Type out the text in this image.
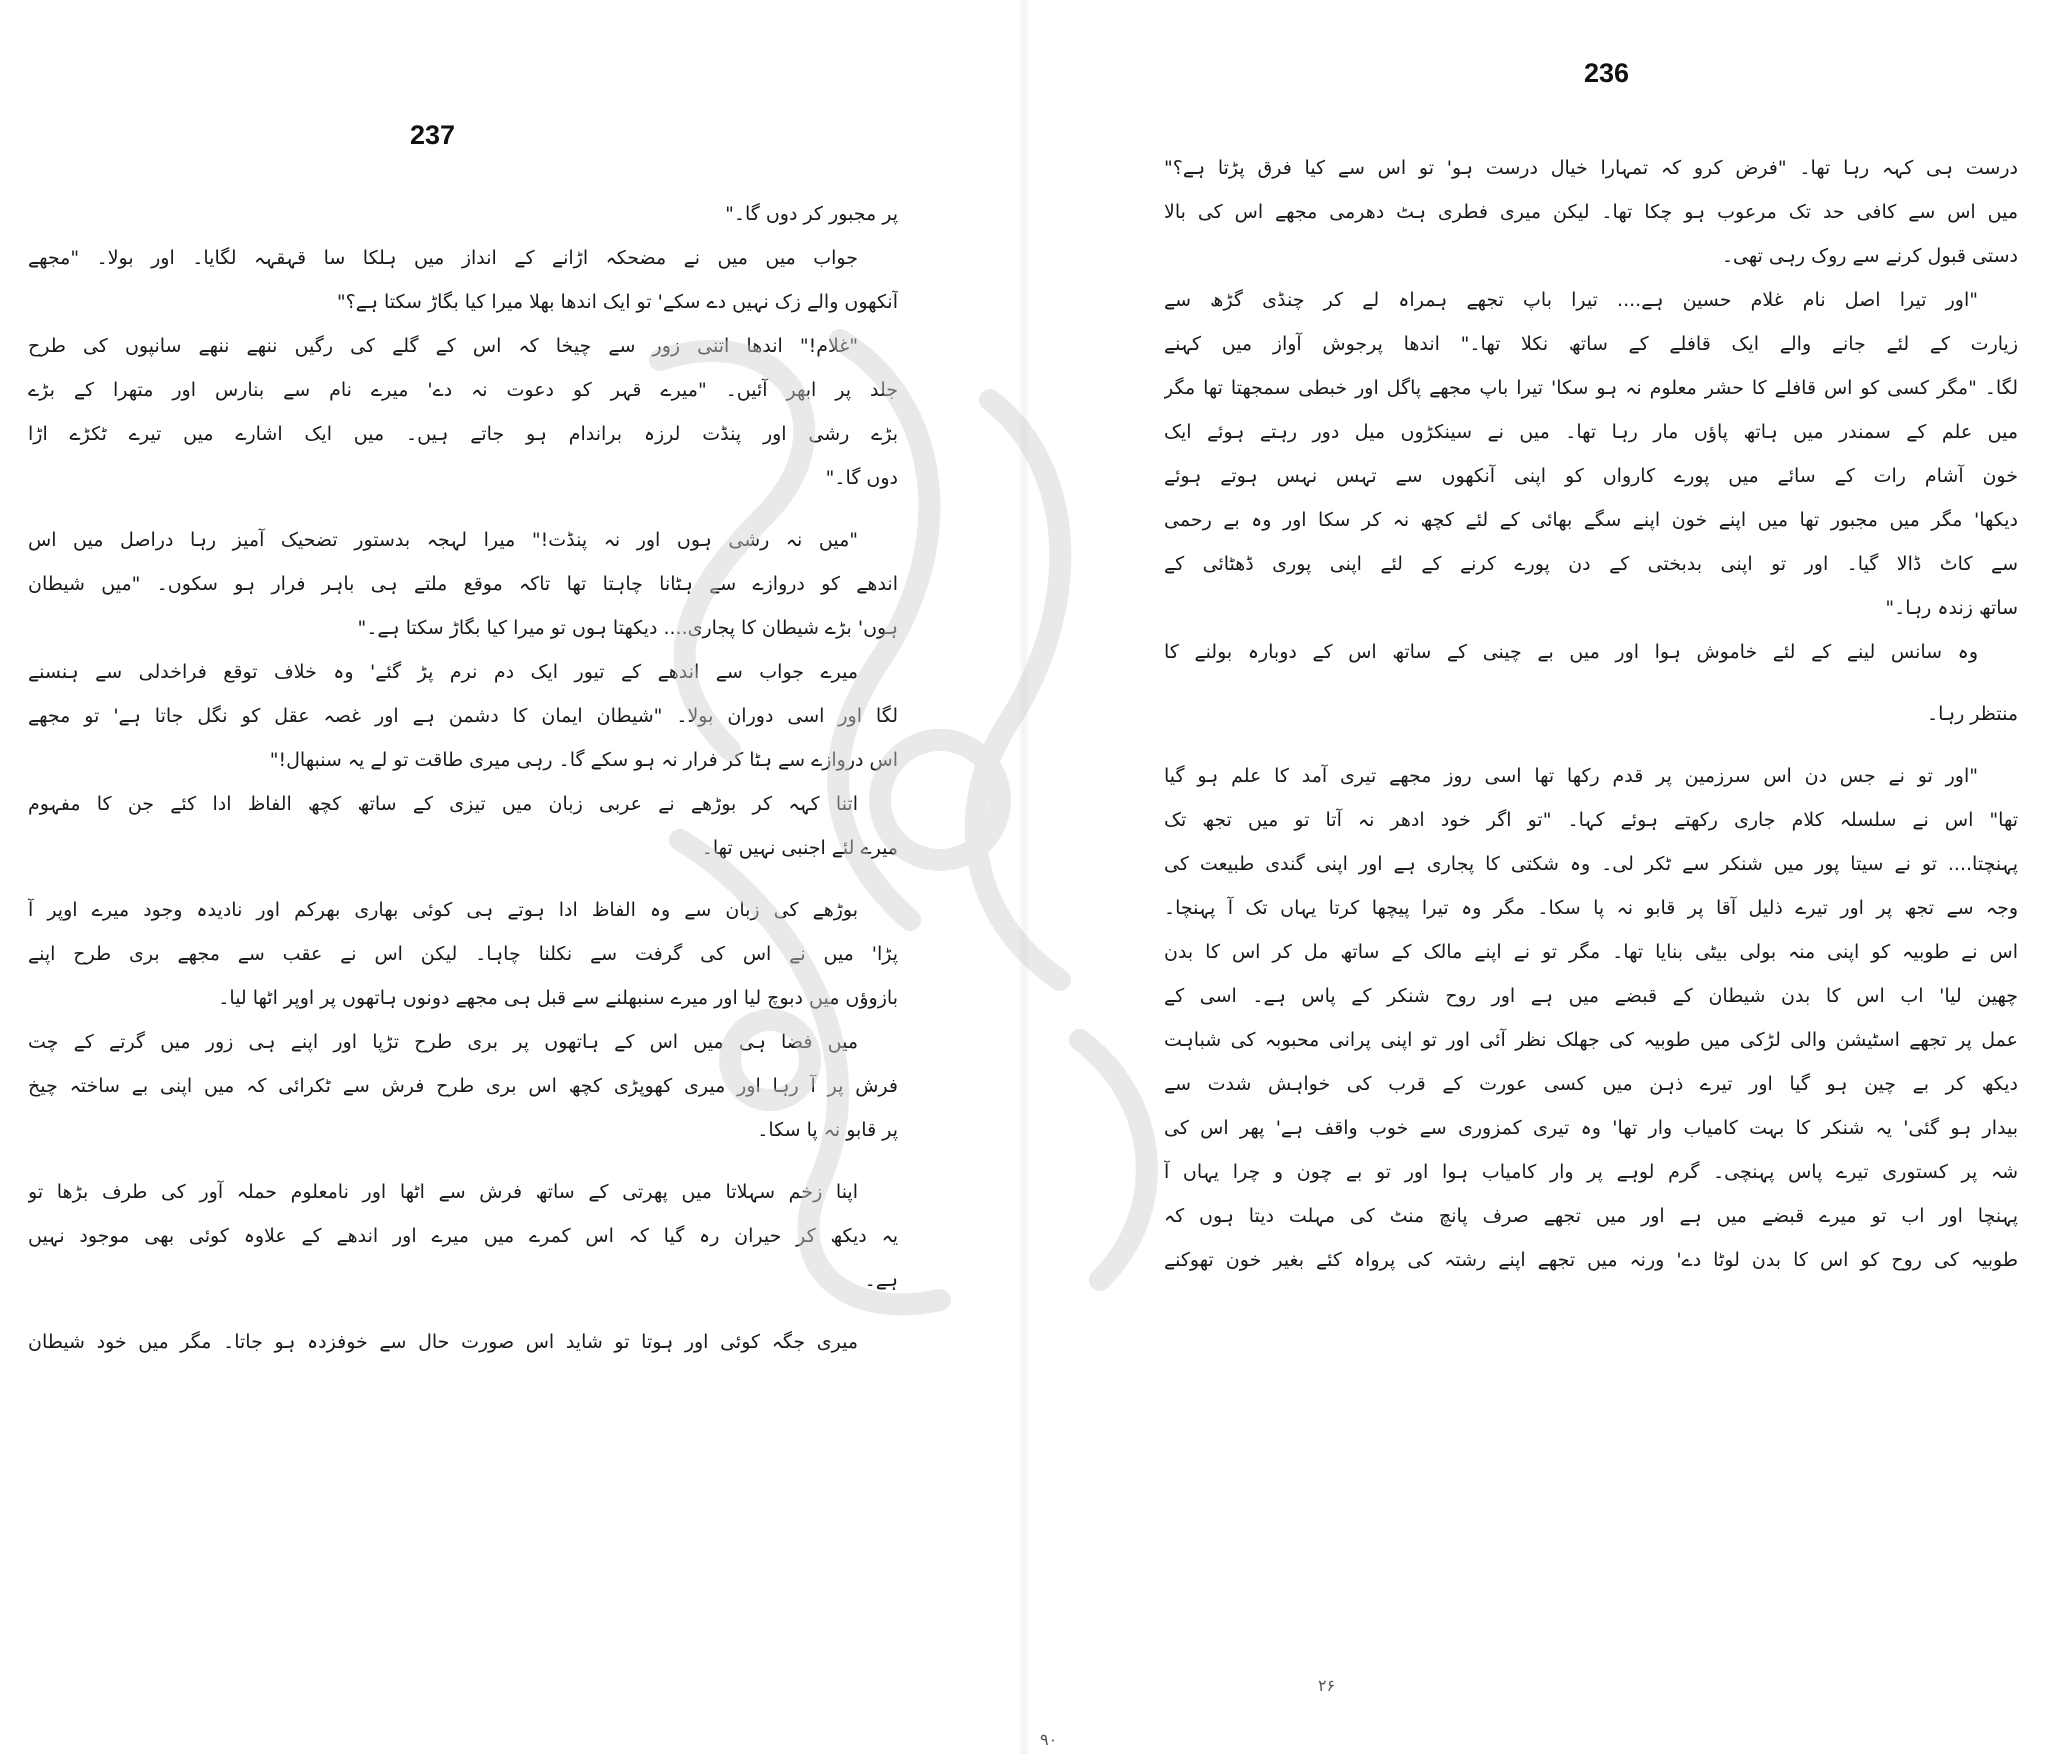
237
پر مجبور کر دوں گا۔"
جواب میں میں نے مضحکہ اڑانے کے انداز میں ہلکا سا قہقہہ لگایا۔ اور بولا۔ "مجھے
آنکھوں والے زک نہیں دے سکے' تو ایک اندھا بھلا میرا کیا بگاڑ سکتا ہے؟"
"غلام!" اندھا اتنی زور سے چیخا کہ اس کے گلے کی رگیں ننھے ننھے سانپوں کی طرح
جلد پر ابھر آئیں۔ "میرے قہر کو دعوت نہ دے' میرے نام سے بنارس اور متھرا کے بڑے
بڑے رشی اور پنڈت لرزہ براندام ہو جاتے ہیں۔ میں ایک اشارے میں تیرے ٹکڑے اڑا
دوں گا۔"
"میں نہ رشی ہوں اور نہ پنڈت!" میرا لہجہ بدستور تضحیک آمیز رہا دراصل میں اس
اندھے کو دروازے سے ہٹانا چاہتا تھا تاکہ موقع ملتے ہی باہر فرار ہو سکوں۔ "میں شیطان
ہوں' بڑے شیطان کا پجاری.... دیکھتا ہوں تو میرا کیا بگاڑ سکتا ہے۔"
میرے جواب سے اندھے کے تیور ایک دم نرم پڑ گئے' وہ خلاف توقع فراخدلی سے ہنسنے
لگا اور اسی دوران بولا۔ "شیطان ایمان کا دشمن ہے اور غصہ عقل کو نگل جاتا ہے' تو مجھے
اس دروازے سے ہٹا کر فرار نہ ہو سکے گا۔ رہی میری طاقت تو لے یہ سنبھال!"
اتنا کہہ کر بوڑھے نے عربی زبان میں تیزی کے ساتھ کچھ الفاظ ادا کئے جن کا مفہوم
میرے لئے اجنبی نہیں تھا۔
بوڑھے کی زبان سے وہ الفاظ ادا ہوتے ہی کوئی بھاری بھرکم اور نادیدہ وجود میرے اوپر آ
پڑا' میں نے اس کی گرفت سے نکلنا چاہا۔ لیکن اس نے عقب سے مجھے بری طرح اپنے
بازوؤں میں دبوچ لیا اور میرے سنبھلنے سے قبل ہی مجھے دونوں ہاتھوں پر اوپر اٹھا لیا۔
میں فضا ہی میں اس کے ہاتھوں پر بری طرح تڑپا اور اپنے ہی زور میں گرتے کے چت
فرش پر آ رہا اور میری کھوپڑی کچھ اس بری طرح فرش سے ٹکرائی کہ میں اپنی بے ساختہ چیخ
پر قابو نہ پا سکا۔
اپنا زخم سہلاتا میں پھرتی کے ساتھ فرش سے اٹھا اور نامعلوم حملہ آور کی طرف بڑھا تو
یہ دیکھ کر حیران رہ گیا کہ اس کمرے میں میرے اور اندھے کے علاوہ کوئی بھی موجود نہیں
ہے۔
میری جگہ کوئی اور ہوتا تو شاید اس صورت حال سے خوفزدہ ہو جاتا۔ مگر میں خود شیطان
236
درست ہی کہہ رہا تھا۔ "فرض کرو کہ تمہارا خیال درست ہو' تو اس سے کیا فرق پڑتا ہے؟"
میں اس سے کافی حد تک مرعوب ہو چکا تھا۔ لیکن میری فطری ہٹ دھرمی مجھے اس کی بالا
دستی قبول کرنے سے روک رہی تھی۔
"اور تیرا اصل نام غلام حسین ہے.... تیرا باپ تجھے ہمراہ لے کر چنڈی گڑھ سے
زیارت کے لئے جانے والے ایک قافلے کے ساتھ نکلا تھا۔" اندھا پرجوش آواز میں کہنے
لگا۔ "مگر کسی کو اس قافلے کا حشر معلوم نہ ہو سکا' تیرا باپ مجھے پاگل اور خبطی سمجھتا تھا مگر
میں علم کے سمندر میں ہاتھ پاؤں مار رہا تھا۔ میں نے سینکڑوں میل دور رہتے ہوئے ایک
خون آشام رات کے سائے میں پورے کارواں کو اپنی آنکھوں سے تہس نہس ہوتے ہوئے
دیکھا' مگر میں مجبور تھا میں اپنے خون اپنے سگے بھائی کے لئے کچھ نہ کر سکا اور وہ بے رحمی
سے کاٹ ڈالا گیا۔ اور تو اپنی بدبختی کے دن پورے کرنے کے لئے اپنی پوری ڈھٹائی کے
ساتھ زندہ رہا۔"
وہ سانس لینے کے لئے خاموش ہوا اور میں بے چینی کے ساتھ اس کے دوبارہ بولنے کا
منتظر رہا۔
"اور تو نے جس دن اس سرزمین پر قدم رکھا تھا اسی روز مجھے تیری آمد کا علم ہو گیا
تھا" اس نے سلسلہ کلام جاری رکھتے ہوئے کہا۔ "تو اگر خود ادھر نہ آتا تو میں تجھ تک
پہنچتا.... تو نے سیتا پور میں شنکر سے ٹکر لی۔ وہ شکتی کا پجاری ہے اور اپنی گندی طبیعت کی
وجہ سے تجھ پر اور تیرے ذلیل آقا پر قابو نہ پا سکا۔ مگر وہ تیرا پیچھا کرتا یہاں تک آ پہنچا۔
اس نے طوبیہ کو اپنی منہ بولی بیٹی بنایا تھا۔ مگر تو نے اپنے مالک کے ساتھ مل کر اس کا بدن
چھین لیا' اب اس کا بدن شیطان کے قبضے میں ہے اور روح شنکر کے پاس ہے۔ اسی کے
عمل پر تجھے اسٹیشن والی لڑکی میں طوبیہ کی جھلک نظر آئی اور تو اپنی پرانی محبوبہ کی شباہت
دیکھ کر بے چین ہو گیا اور تیرے ذہن میں کسی عورت کے قرب کی خواہش شدت سے
بیدار ہو گئی' یہ شنکر کا بہت کامیاب وار تھا' وہ تیری کمزوری سے خوب واقف ہے' پھر اس کی
شہ پر کستوری تیرے پاس پہنچی۔ گرم لوہے پر وار کامیاب ہوا اور تو بے چون و چرا یہاں آ
پہنچا اور اب تو میرے قبضے میں ہے اور میں تجھے صرف پانچ منٹ کی مہلت دیتا ہوں کہ
طوبیہ کی روح کو اس کا بدن لوٹا دے' ورنہ میں تجھے اپنے رشتہ کی پرواہ کئے بغیر خون تھوکنے
۲۶
۹۰
